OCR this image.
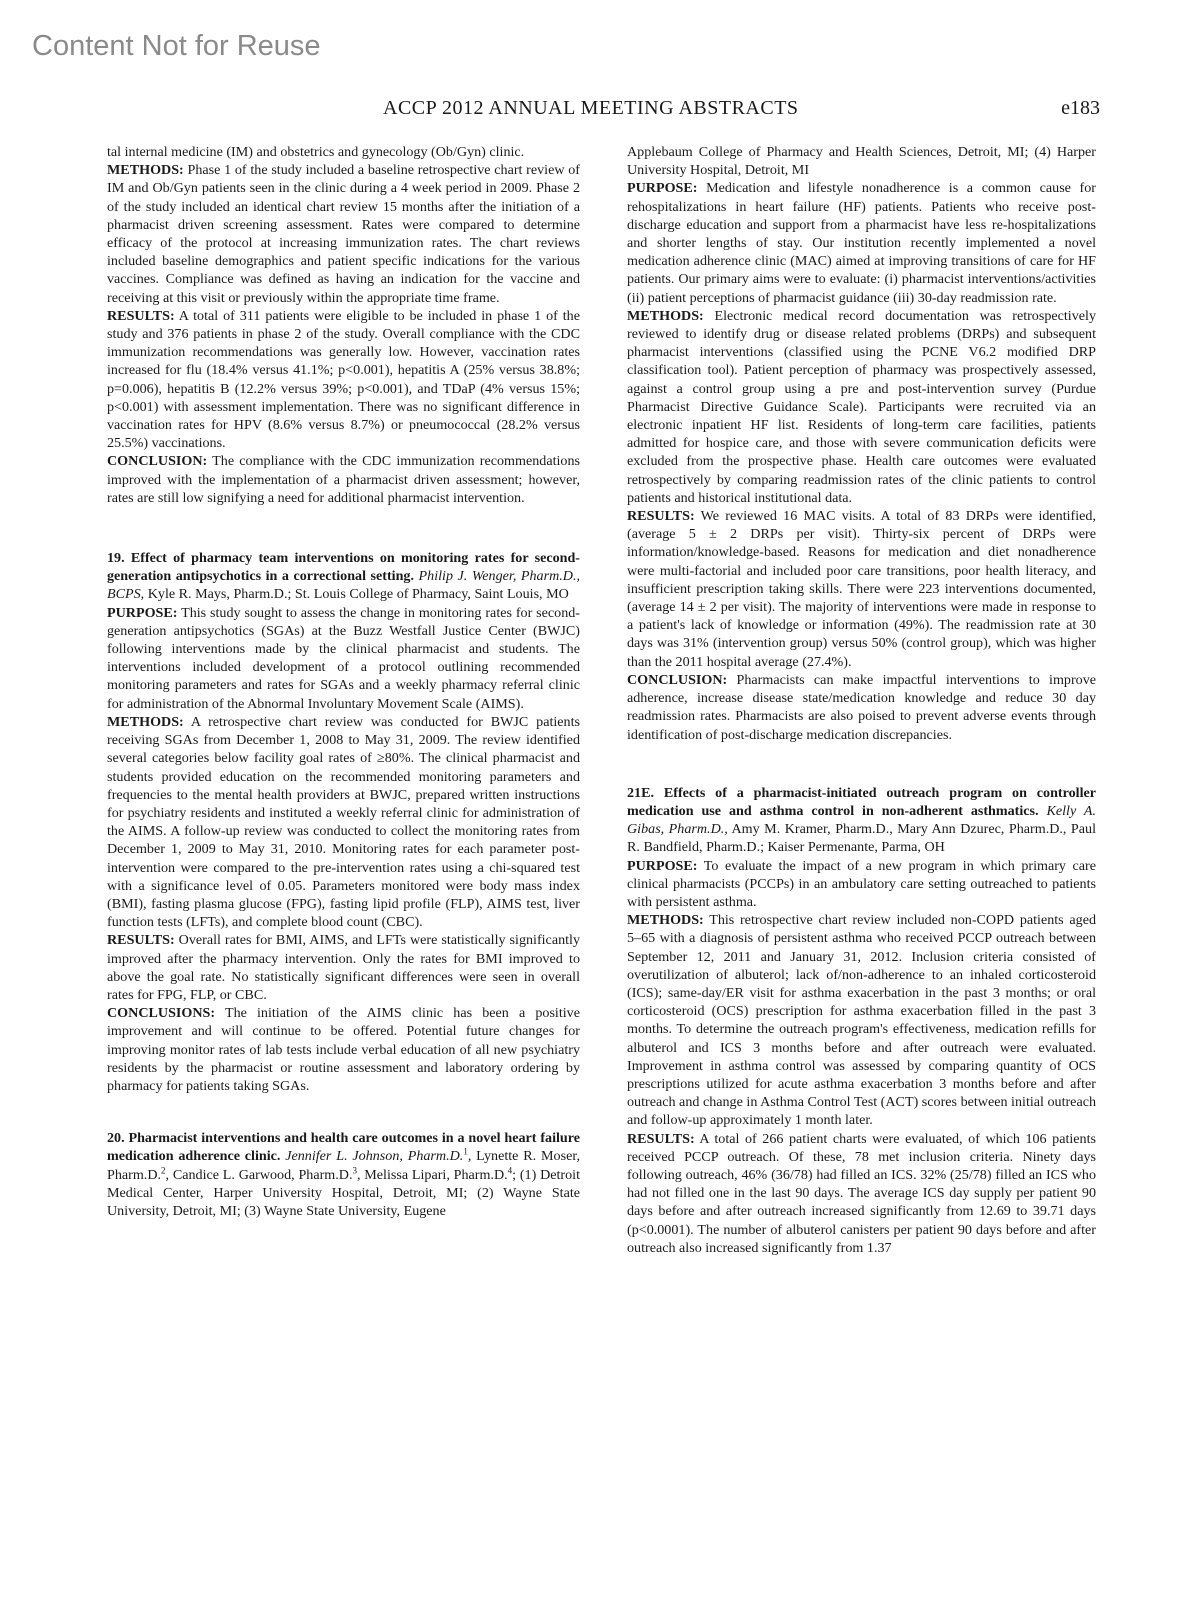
Content Not for Reuse
ACCP 2012 ANNUAL MEETING ABSTRACTS	e183

tal internal medicine (IM) and obstetrics and gynecology (Ob/Gyn) clinic.

METHODS: Phase 1 of the study included a baseline retrospective chart review of IM and Ob/Gyn patients seen in the clinic during a 4 week period in 2009. Phase 2 of the study included an identical chart review 15 months after the initiation of a pharmacist driven screening assessment. Rates were compared to determine efficacy of the protocol at increasing immunization rates. The chart reviews included baseline demographics and patient specific indications for the various vaccines. Compliance was defined as having an indication for the vaccine and receiving at this visit or previously within the appropriate time frame.

RESULTS: A total of 311 patients were eligible to be included in phase 1 of the study and 376 patients in phase 2 of the study. Overall compliance with the CDC immunization recommendations was generally low. However, vaccination rates increased for flu (18.4% versus 41.1%; p<0.001), hepatitis A (25% versus 38.8%; p=0.006), hepatitis B (12.2% versus 39%; p<0.001), and TDaP (4% versus 15%; p<0.001) with assessment implementation. There was no significant difference in vaccination rates for HPV (8.6% versus 8.7%) or pneumococcal (28.2% versus 25.5%) vaccinations.

CONCLUSION: The compliance with the CDC immunization recommendations improved with the implementation of a pharmacist driven assessment; however, rates are still low signifying a need for additional pharmacist intervention.

19. Effect of pharmacy team interventions on monitoring rates for second-generation antipsychotics in a correctional setting. Philip J. Wenger, Pharm.D., BCPS, Kyle R. Mays, Pharm.D.; St. Louis College of Pharmacy, Saint Louis, MO

PURPOSE: This study sought to assess the change in monitoring rates for second-generation antipsychotics (SGAs) at the Buzz Westfall Justice Center (BWJC) following interventions made by the clinical pharmacist and students. The interventions included development of a protocol outlining recommended monitoring parameters and rates for SGAs and a weekly pharmacy referral clinic for administration of the Abnormal Involuntary Movement Scale (AIMS).

METHODS: A retrospective chart review was conducted for BWJC patients receiving SGAs from December 1, 2008 to May 31, 2009. The review identified several categories below facility goal rates of ≥80%. The clinical pharmacist and students provided education on the recommended monitoring parameters and frequencies to the mental health providers at BWJC, prepared written instructions for psychiatry residents and instituted a weekly referral clinic for administration of the AIMS. A follow-up review was conducted to collect the monitoring rates from December 1, 2009 to May 31, 2010. Monitoring rates for each parameter post-intervention were compared to the pre-intervention rates using a chi-squared test with a significance level of 0.05. Parameters monitored were body mass index (BMI), fasting plasma glucose (FPG), fasting lipid profile (FLP), AIMS test, liver function tests (LFTs), and complete blood count (CBC).

RESULTS: Overall rates for BMI, AIMS, and LFTs were statistically significantly improved after the pharmacy intervention. Only the rates for BMI improved to above the goal rate. No statistically significant differences were seen in overall rates for FPG, FLP, or CBC.

CONCLUSIONS: The initiation of the AIMS clinic has been a positive improvement and will continue to be offered. Potential future changes for improving monitor rates of lab tests include verbal education of all new psychiatry residents by the pharmacist or routine assessment and laboratory ordering by pharmacy for patients taking SGAs.

20. Pharmacist interventions and health care outcomes in a novel heart failure medication adherence clinic. Jennifer L. Johnson, Pharm.D.$^1$, Lynette R. Moser, Pharm.D.$^2$, Candice L. Garwood, Pharm.D.$^3$, Melissa Lipari, Pharm.D.$^4$; (1) Detroit Medical Center, Harper University Hospital, Detroit, MI; (2) Wayne State University, Detroit, MI; (3) Wayne State University, Eugene

Applebaum College of Pharmacy and Health Sciences, Detroit, MI; (4) Harper University Hospital, Detroit, MI

PURPOSE: Medication and lifestyle nonadherence is a common cause for rehospitalizations in heart failure (HF) patients. Patients who receive post-discharge education and support from a pharmacist have less re-hospitalizations and shorter lengths of stay. Our institution recently implemented a novel medication adherence clinic (MAC) aimed at improving transitions of care for HF patients. Our primary aims were to evaluate: (i) pharmacist interventions/activities (ii) patient perceptions of pharmacist guidance (iii) 30-day readmission rate.

METHODS: Electronic medical record documentation was retrospectively reviewed to identify drug or disease related problems (DRPs) and subsequent pharmacist interventions (classified using the PCNE V6.2 modified DRP classification tool). Patient perception of pharmacy was prospectively assessed, against a control group using a pre and post-intervention survey (Purdue Pharmacist Directive Guidance Scale). Participants were recruited via an electronic inpatient HF list. Residents of long-term care facilities, patients admitted for hospice care, and those with severe communication deficits were excluded from the prospective phase. Health care outcomes were evaluated retrospectively by comparing readmission rates of the clinic patients to control patients and historical institutional data.

RESULTS: We reviewed 16 MAC visits. A total of 83 DRPs were identified, (average 5 ± 2 DRPs per visit). Thirty-six percent of DRPs were information/knowledge-based. Reasons for medication and diet nonadherence were multi-factorial and included poor care transitions, poor health literacy, and insufficient prescription taking skills. There were 223 interventions documented, (average 14 ± 2 per visit). The majority of interventions were made in response to a patient's lack of knowledge or information (49%). The readmission rate at 30 days was 31% (intervention group) versus 50% (control group), which was higher than the 2011 hospital average (27.4%).

CONCLUSION: Pharmacists can make impactful interventions to improve adherence, increase disease state/medication knowledge and reduce 30 day readmission rates. Pharmacists are also poised to prevent adverse events through identification of post-discharge medication discrepancies.

21E. Effects of a pharmacist-initiated outreach program on controller medication use and asthma control in non-adherent asthmatics. Kelly A. Gibas, Pharm.D., Amy M. Kramer, Pharm.D., Mary Ann Dzurec, Pharm.D., Paul R. Bandfield, Pharm.D.; Kaiser Permenante, Parma, OH

PURPOSE: To evaluate the impact of a new program in which primary care clinical pharmacists (PCCPs) in an ambulatory care setting outreached to patients with persistent asthma.

METHODS: This retrospective chart review included non-COPD patients aged 5–65 with a diagnosis of persistent asthma who received PCCP outreach between September 12, 2011 and January 31, 2012. Inclusion criteria consisted of overutilization of albuterol; lack of/non-adherence to an inhaled corticosteroid (ICS); same-day/ER visit for asthma exacerbation in the past 3 months; or oral corticosteroid (OCS) prescription for asthma exacerbation filled in the past 3 months. To determine the outreach program's effectiveness, medication refills for albuterol and ICS 3 months before and after outreach were evaluated. Improvement in asthma control was assessed by comparing quantity of OCS prescriptions utilized for acute asthma exacerbation 3 months before and after outreach and change in Asthma Control Test (ACT) scores between initial outreach and follow-up approximately 1 month later.

RESULTS: A total of 266 patient charts were evaluated, of which 106 patients received PCCP outreach. Of these, 78 met inclusion criteria. Ninety days following outreach, 46% (36/78) had filled an ICS. 32% (25/78) filled an ICS who had not filled one in the last 90 days. The average ICS day supply per patient 90 days before and after outreach increased significantly from 12.69 to 39.71 days (p<0.0001). The number of albuterol canisters per patient 90 days before and after outreach also increased significantly from 1.37
